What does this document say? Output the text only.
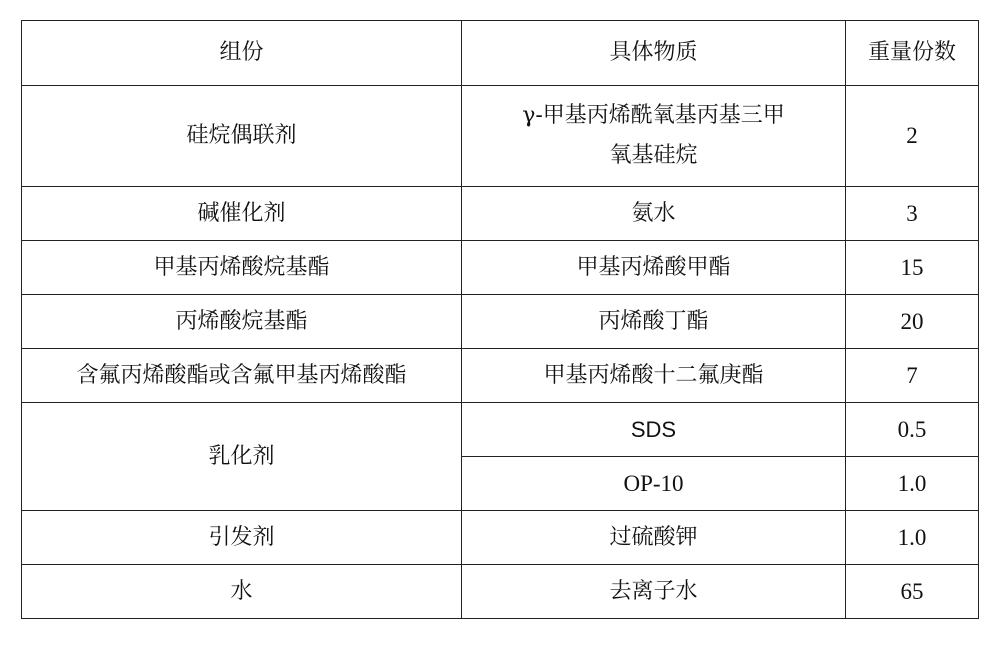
组份	具体物质	重量份数
硅烷偶联剂	γ-甲基丙烯酰氧基丙基三甲氧基硅烷	2
碱催化剂	氨水	3
甲基丙烯酸烷基酯	甲基丙烯酸甲酯	15
丙烯酸烷基酯	丙烯酸丁酯	20
含氟丙烯酸酯或含氟甲基丙烯酸酯	甲基丙烯酸十二氟庚酯	7
乳化剂	SDS	0.5
	OP-10	1.0
引发剂	过硫酸钾	1.0
水	去离子水	65
